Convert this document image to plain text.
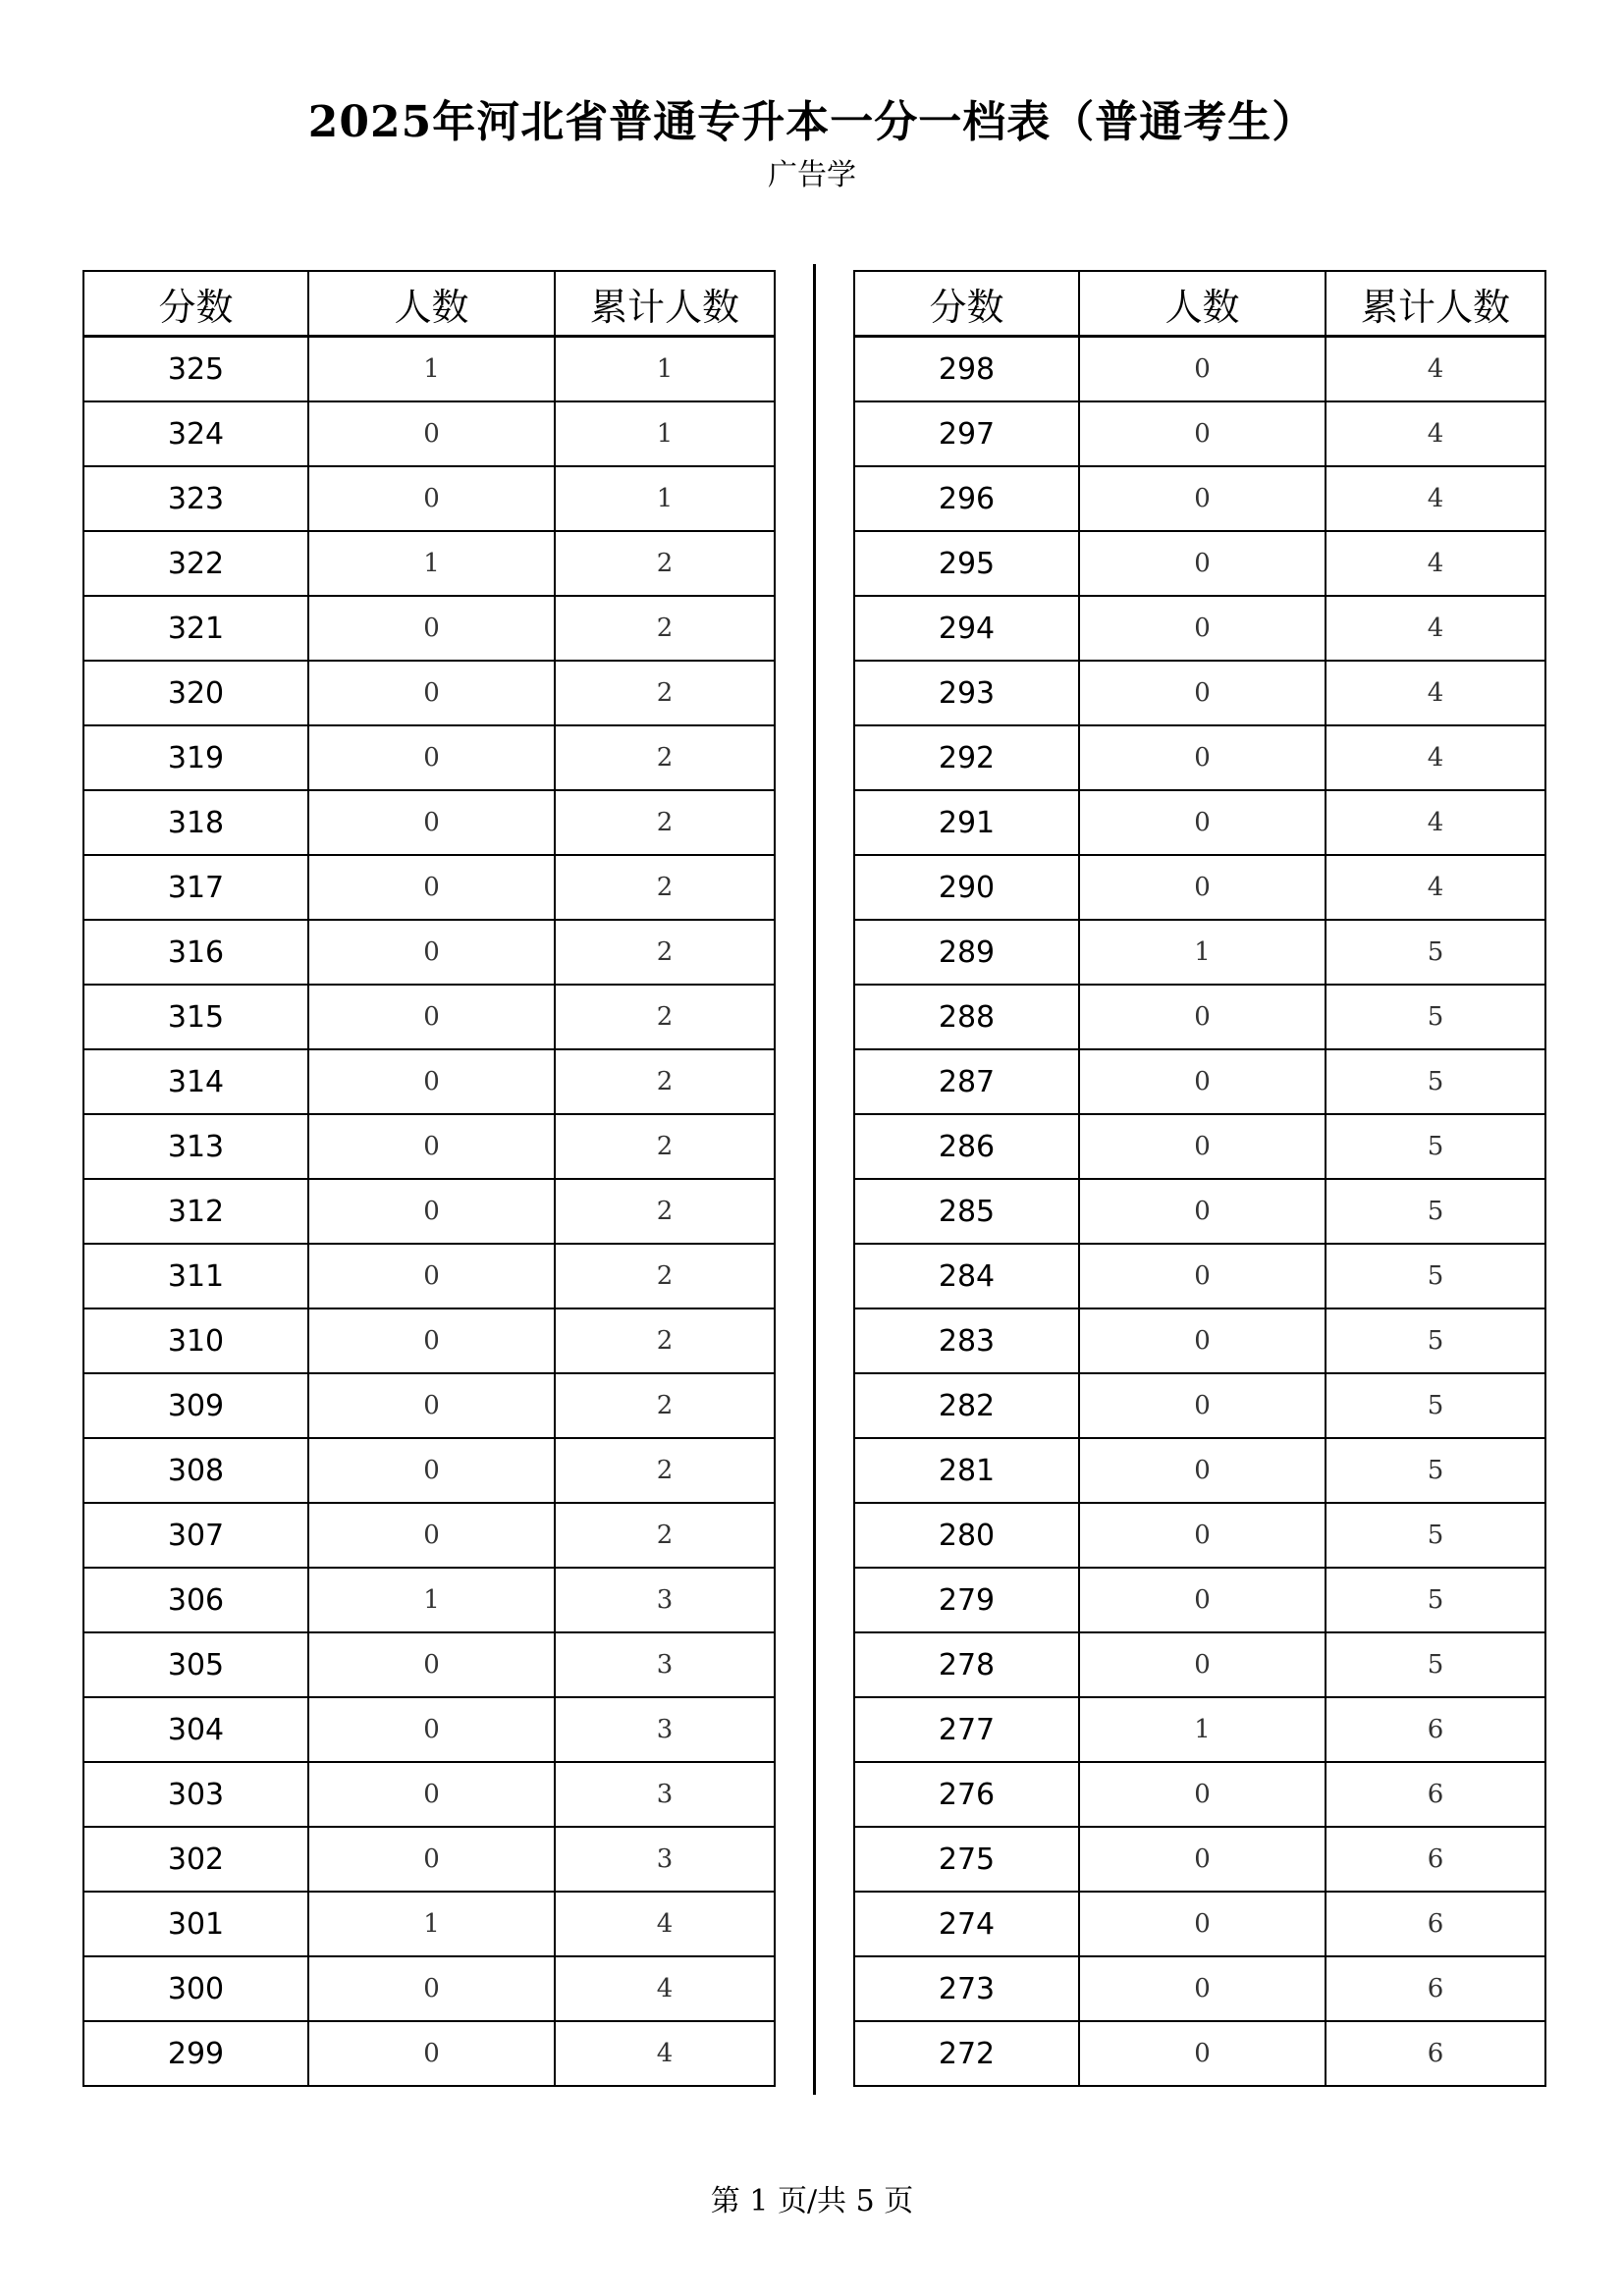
2025年河北省普通专升本一分一档表（普通考生）
广告学
分数	人数	累计人数
325	1	1
324	0	1
323	0	1
322	1	2
321	0	2
320	0	2
319	0	2
318	0	2
317	0	2
316	0	2
315	0	2
314	0	2
313	0	2
312	0	2
311	0	2
310	0	2
309	0	2
308	0	2
307	0	2
306	1	3
305	0	3
304	0	3
303	0	3
302	0	3
301	1	4
300	0	4
299	0	4
分数	人数	累计人数
298	0	4
297	0	4
296	0	4
295	0	4
294	0	4
293	0	4
292	0	4
291	0	4
290	0	4
289	1	5
288	0	5
287	0	5
286	0	5
285	0	5
284	0	5
283	0	5
282	0	5
281	0	5
280	0	5
279	0	5
278	0	5
277	1	6
276	0	6
275	0	6
274	0	6
273	0	6
272	0	6
第 1 页/共 5 页
